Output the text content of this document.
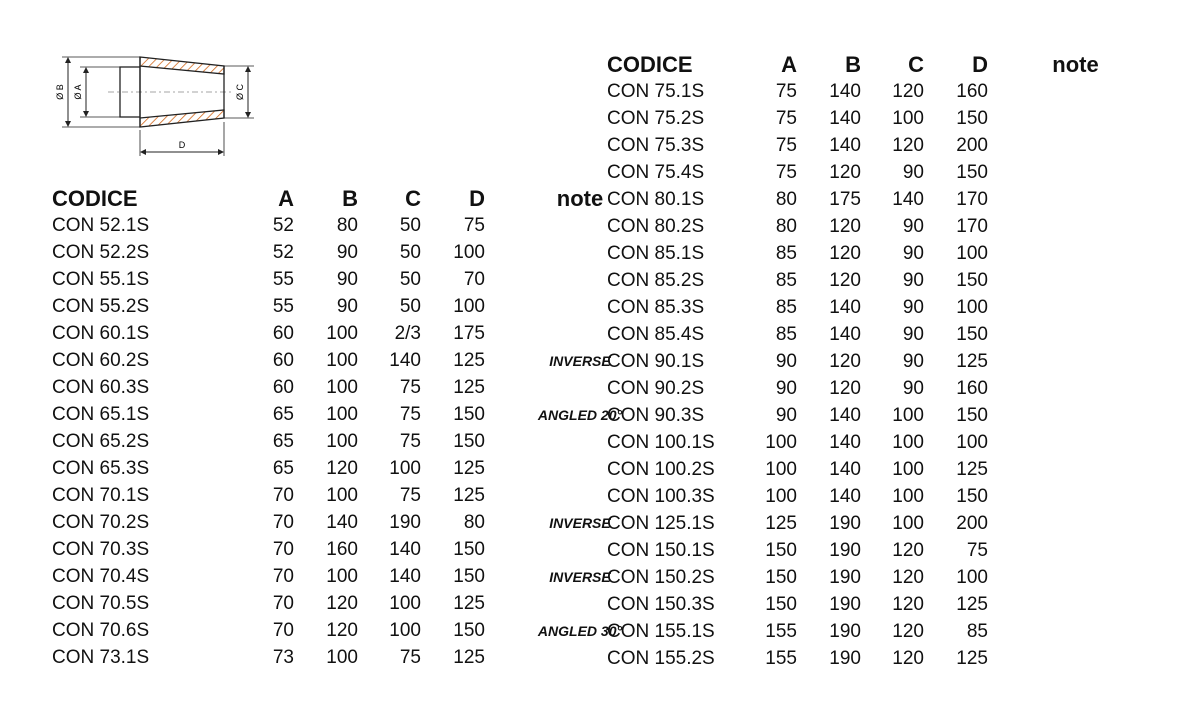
Ø B Ø A	Ø C
D
CODICE	A	B	C	D	note
CON 52.1S	52	80	50	75	
CON 52.2S	52	90	50	100	
CON 55.1S	55	90	50	70	
CON 55.2S	55	90	50	100	
CON 60.1S	60	100	2/3	175	
CON 60.2S	60	100	140	125	INVERSE
CON 60.3S	60	100	75	125	
CON 65.1S	65	100	75	150	ANGLED 20°
CON 65.2S	65	100	75	150	
CON 65.3S	65	120	100	125	
CON 70.1S	70	100	75	125	
CON 70.2S	70	140	190	80	INVERSE
CON 70.3S	70	160	140	150	
CON 70.4S	70	100	140	150	INVERSE
CON 70.5S	70	120	100	125	
CON 70.6S	70	120	100	150	ANGLED 30°
CON 73.1S	73	100	75	125	
CODICE	A	B	C	D	note
CON 75.1S	75	140	120	160	
CON 75.2S	75	140	100	150	
CON 75.3S	75	140	120	200	
CON 75.4S	75	120	90	150	
CON 80.1S	80	175	140	170	
CON 80.2S	80	120	90	170	
CON 85.1S	85	120	90	100	
CON 85.2S	85	120	90	150	
CON 85.3S	85	140	90	100	
CON 85.4S	85	140	90	150	
CON 90.1S	90	120	90	125	
CON 90.2S	90	120	90	160	
CON 90.3S	90	140	100	150	
CON 100.1S	100	140	100	100	
CON 100.2S	100	140	100	125	
CON 100.3S	100	140	100	150	
CON 125.1S	125	190	100	200	
CON 150.1S	150	190	120	75	
CON 150.2S	150	190	120	100	
CON 150.3S	150	190	120	125	
CON 155.1S	155	190	120	85	
CON 155.2S	155	190	120	125	
